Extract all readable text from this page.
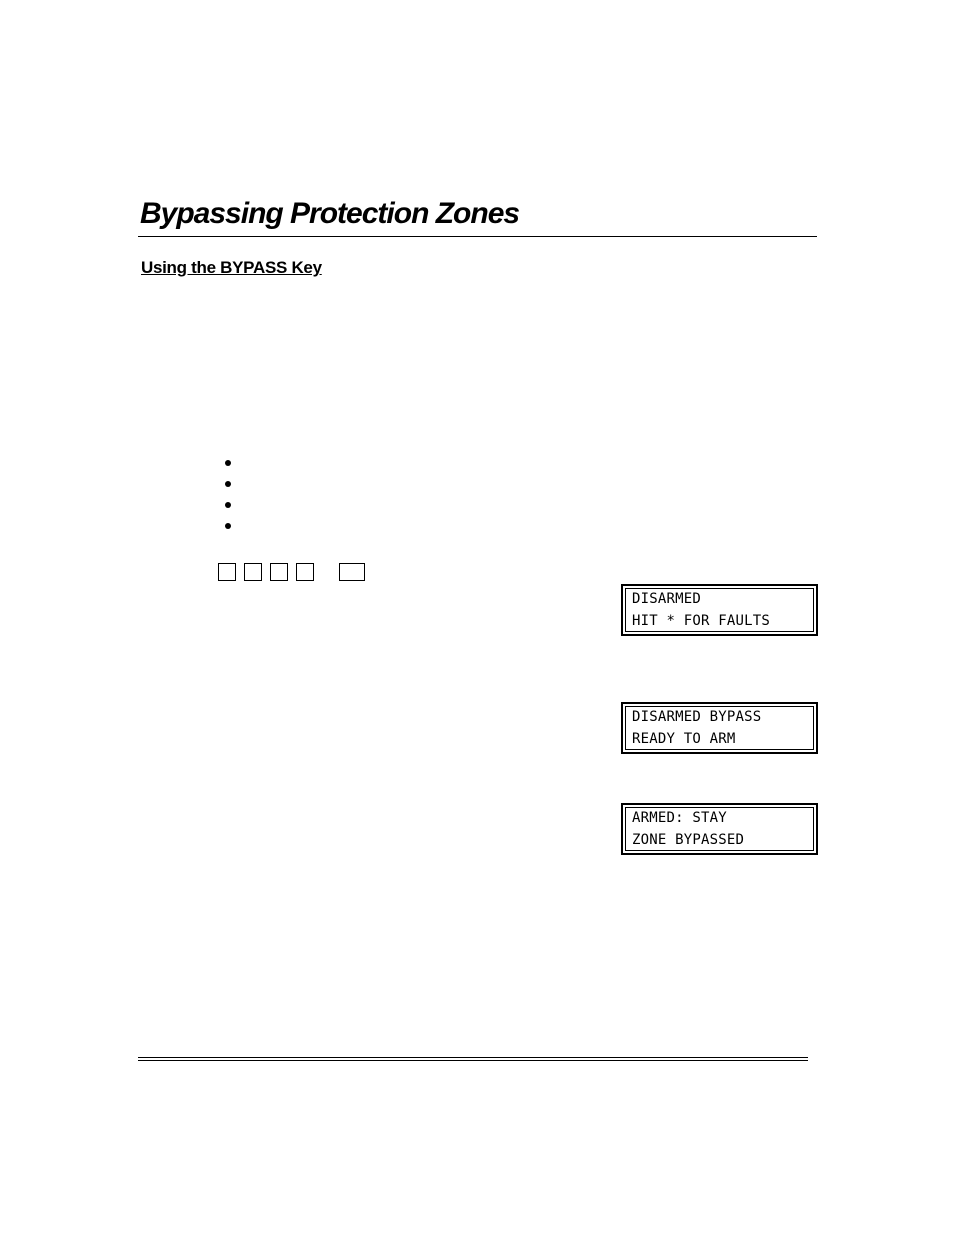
Bypassing Protection Zones
Using the BYPASS Key
DISARMED
HIT * FOR FAULTS
DISARMED BYPASS
READY TO ARM
ARMED: STAY
ZONE BYPASSED
